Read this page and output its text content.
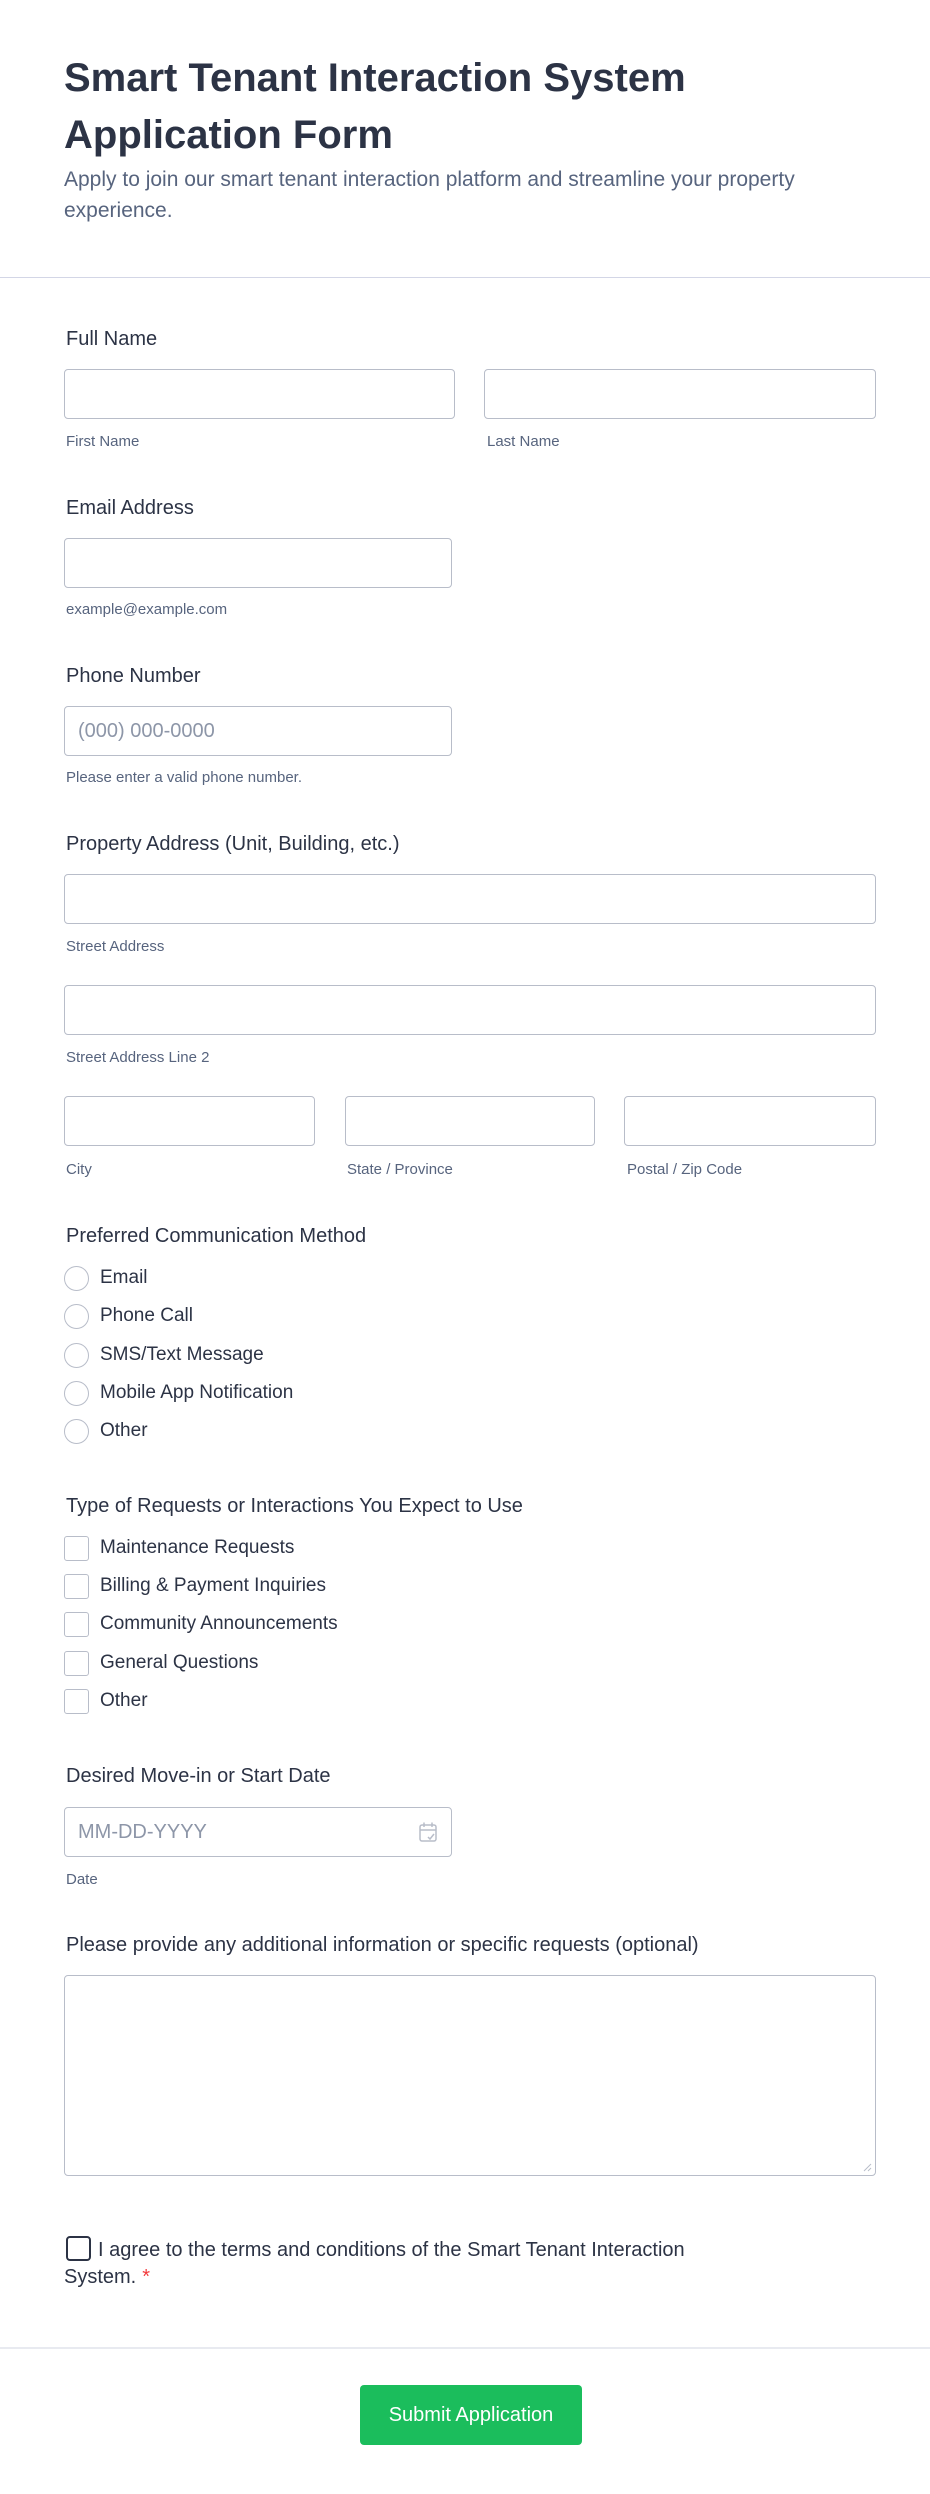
Smart Tenant Interaction System Application Form
Apply to join our smart tenant interaction platform and streamline your property experience.
Full Name
First Name	Last Name
Email Address
example@example.com
Phone Number
(000) 000-0000
Please enter a valid phone number.
Property Address (Unit, Building, etc.)
Street Address
Street Address Line 2
City	State / Province	Postal / Zip Code
Preferred Communication Method
Email
Phone Call
SMS/Text Message
Mobile App Notification
Other
Type of Requests or Interactions You Expect to Use
Maintenance Requests
Billing & Payment Inquiries
Community Announcements
General Questions
Other
Desired Move-in or Start Date
MM-DD-YYYY
Date
Please provide any additional information or specific requests (optional)
I agree to the terms and conditions of the Smart Tenant Interaction System. *
Submit Application
